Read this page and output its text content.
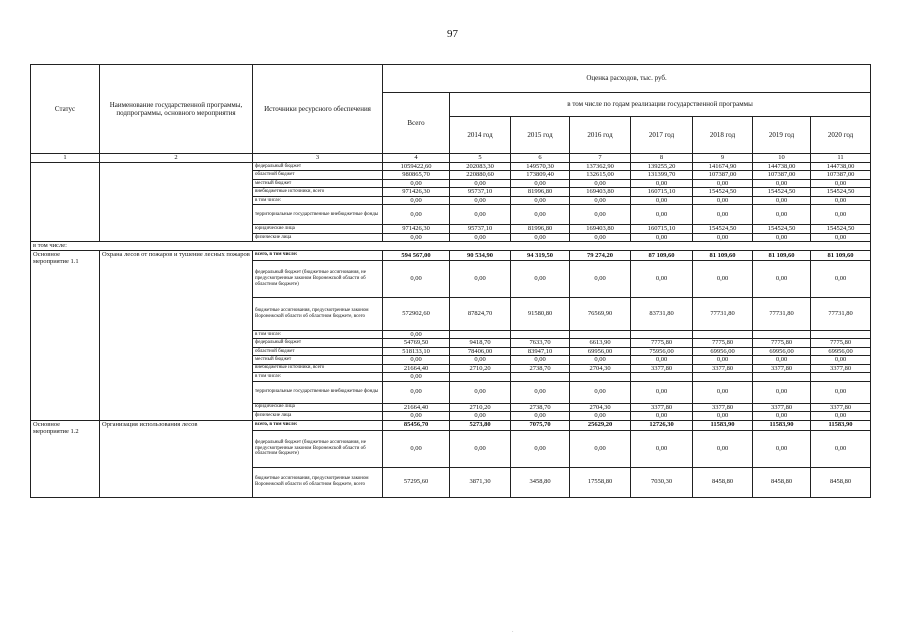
97
Статус	Наименование государственной программы, подпрограммы, основного мероприятия	Источники ресурсного обеспечения	Оценка расходов, тыс. руб.							
			Всего	в том числе по годам реализации государственной программы						
				2014 год	2015 год	2016 год	2017 год	2018 год	2019 год	2020 год
1	2	3	4	5	6	7	8	9	10	11
		федеральный бюджет	1059422,60	202083,30	149570,30	137362,90	139255,20	141674,90	144738,00	144738,00
		областной бюджет	980865,70	220880,60	173809,40	132615,00	131399,70	107387,00	107387,00	107387,00
		местный бюджет	0,00	0,00	0,00	0,00	0,00	0,00	0,00	0,00
		внебюджетные источники, всего	971426,30	95737,10	81996,80	169403,80	160715,10	154524,50	154524,50	154524,50
		в том числе:	0,00	0,00	0,00	0,00	0,00	0,00	0,00	0,00
		территориальные государственные внебюджетные фонды	0,00	0,00	0,00	0,00	0,00	0,00	0,00	0,00
		юридические лица	971426,30	95737,10	81996,80	169403,80	160715,10	154524,50	154524,50	154524,50
		физические лица	0,00	0,00	0,00	0,00	0,00	0,00	0,00	0,00
в том числе:										
Основное мероприятие 1.1	Охрана лесов от пожаров и тушение лесных пожаров	всего, в том числе:	594 567,00	90 534,90	94 319,50	79 274,20	87 109,60	81 109,60	81 109,60	81 109,60
		федеральный бюджет (бюджетные ассигнования, не предусмотренные законом Воронежской области об областном бюджете)	0,00	0,00	0,00	0,00	0,00	0,00	0,00	0,00
		бюджетные ассигнования, предусмотренные законом Воронежской области об областном бюджете, всего	572902,60	87824,70	91580,80	76569,90	83731,80	77731,80	77731,80	77731,80
		в том числе:	0,00							
		федеральный бюджет	54769,50	9418,70	7633,70	6613,90	7775,80	7775,80	7775,80	7775,80
		областной бюджет	518133,10	78406,00	83947,10	69956,00	75956,00	69956,00	69956,00	69956,00
		местный бюджет	0,00	0,00	0,00	0,00	0,00	0,00	0,00	0,00
		внебюджетные источники, всего	21664,40	2710,20	2738,70	2704,30	3377,80	3377,80	3377,80	3377,80
		в том числе:	0,00							
		территориальные государственные внебюджетные фонды	0,00	0,00	0,00	0,00	0,00	0,00	0,00	0,00
		юридические лица	21664,40	2710,20	2738,70	2704,30	3377,80	3377,80	3377,80	3377,80
		физические лица	0,00	0,00	0,00	0,00	0,00	0,00	0,00	0,00
Основное мероприятие 1.2	Организация использования лесов	всего, в том числе:	85456,70	5273,80	7075,70	25629,20	12726,30	11583,90	11583,90	11583,90
		федеральный бюджет (бюджетные ассигнования, не предусмотренные законом Воронежской области об областном бюджете)	0,00	0,00	0,00	0,00	0,00	0,00	0,00	0,00
		бюджетные ассигнования, предусмотренные законом Воронежской области об областном бюджете, всего	57295,60	3871,30	3458,80	17558,80	7030,30	8458,80	8458,80	8458,80
.
